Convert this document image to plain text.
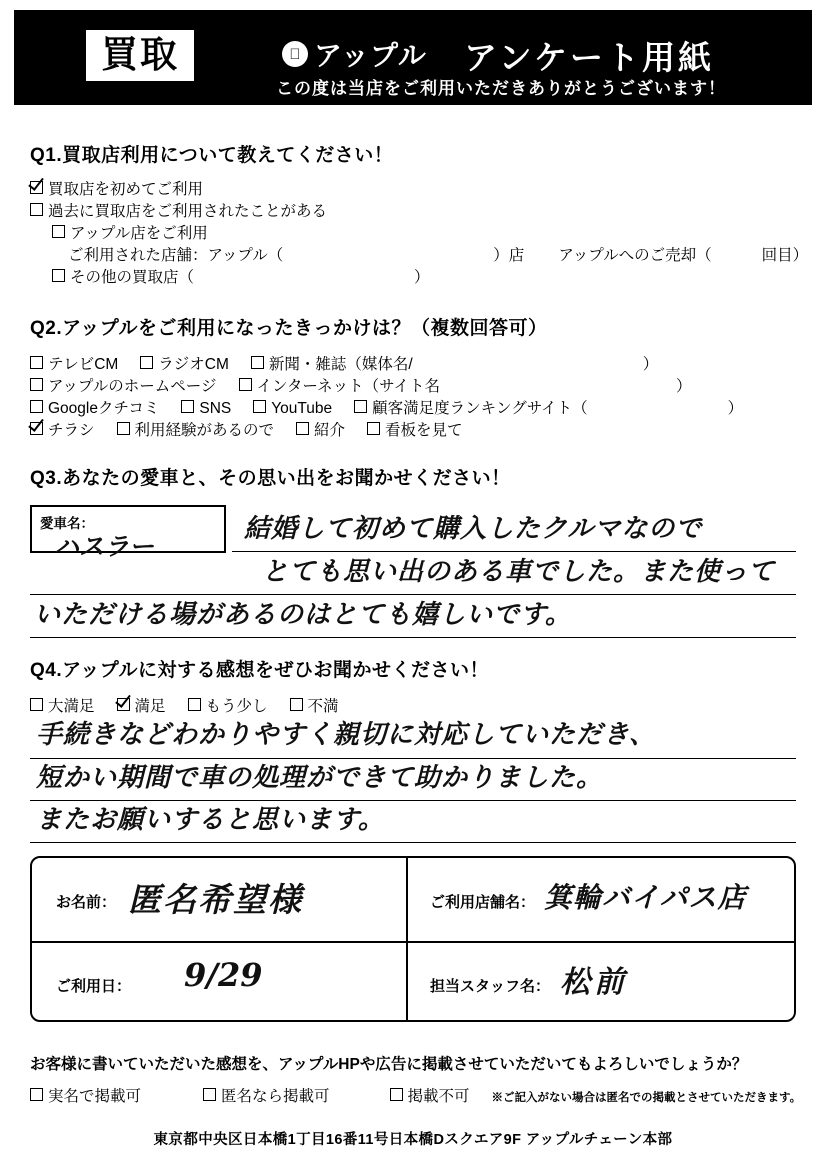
買取	アップル アンケート用紙
この度は当店をご利用いただきありがとうございます！
Q1.買取店利用について教えてください！
買取店を初めてご利用
過去に買取店をご利用されたことがある
アップル店をご利用
ご利用された店舗：アップル（	）店 アップルへのご売却（	回目）
その他の買取店（	）
Q2.アップルをご利用になったきっかけは？（複数回答可）
テレビCM	ラジオCM	新聞・雑誌（媒体名/	）
アップルのホームページ	インターネット（サイト名	）
Googleクチコミ	SNS	YouTube	顧客満足度ランキングサイト（	）
チラシ	利用経験があるので	紹介	看板を見て
Q3.あなたの愛車と、その思い出をお聞かせください！
愛車名：
ハスラー
結婚して初めて購入したクルマなので
とても思い出のある車でした。また使って
いただける場があるのはとても嬉しいです。
Q4.アップルに対する感想をぜひお聞かせください！
大満足	満足	もう少し	不満
手続きなどわかりやすく親切に対応していただき、
短かい期間で車の処理ができて助かりました。
またお願いすると思います。
お名前： 匿名希望様	ご利用店舗名： 箕輪バイパス店
ご利用日： 9/29	担当スタッフ名： 松前
お客様に書いていただいた感想を、アップルHPや広告に掲載させていただいてもよろしいでしょうか？
実名で掲載可	匿名なら掲載可	掲載不可 ※ご記入がない場合は匿名での掲載とさせていただきます。
東京都中央区日本橋1丁目16番11号日本橋Dスクエア9F アップルチェーン本部
